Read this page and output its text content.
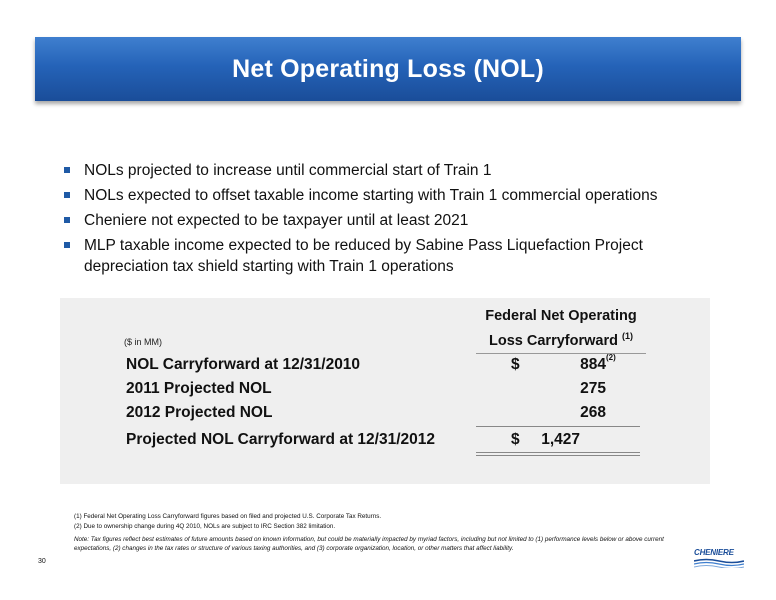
Net Operating Loss (NOL)
NOLs projected to increase until commercial start of Train 1
NOLs expected to offset taxable income starting with Train 1 commercial operations
Cheniere not expected to be taxpayer until at least 2021
MLP taxable income expected to be reduced by Sabine Pass Liquefaction Project depreciation tax shield starting with Train 1 operations
($ in MM)
Federal Net Operating
Loss Carryforward $^{(1)}$
NOL Carryforward at 12/31/2010	$	884 (2)
2011 Projected NOL	275
2012 Projected NOL	268
Projected NOL Carryforward at 12/31/2012	$ 1,427
(1) Federal Net Operating Loss Carryforward figures based on filed and projected U.S. Corporate Tax Returns.
(2) Due to ownership change during 4Q 2010, NOLs are subject to IRC Section 382 limitation.
Note: Tax figures reflect best estimates of future amounts based on known information, but could be materially impacted by myriad factors, including but not limited to (1) performance levels below or above current expectations, (2) changes in the tax rates or structure of various taxing authorities, and (3) corporate organization, location, or other matters that affect liability.
30
CHENIERE
